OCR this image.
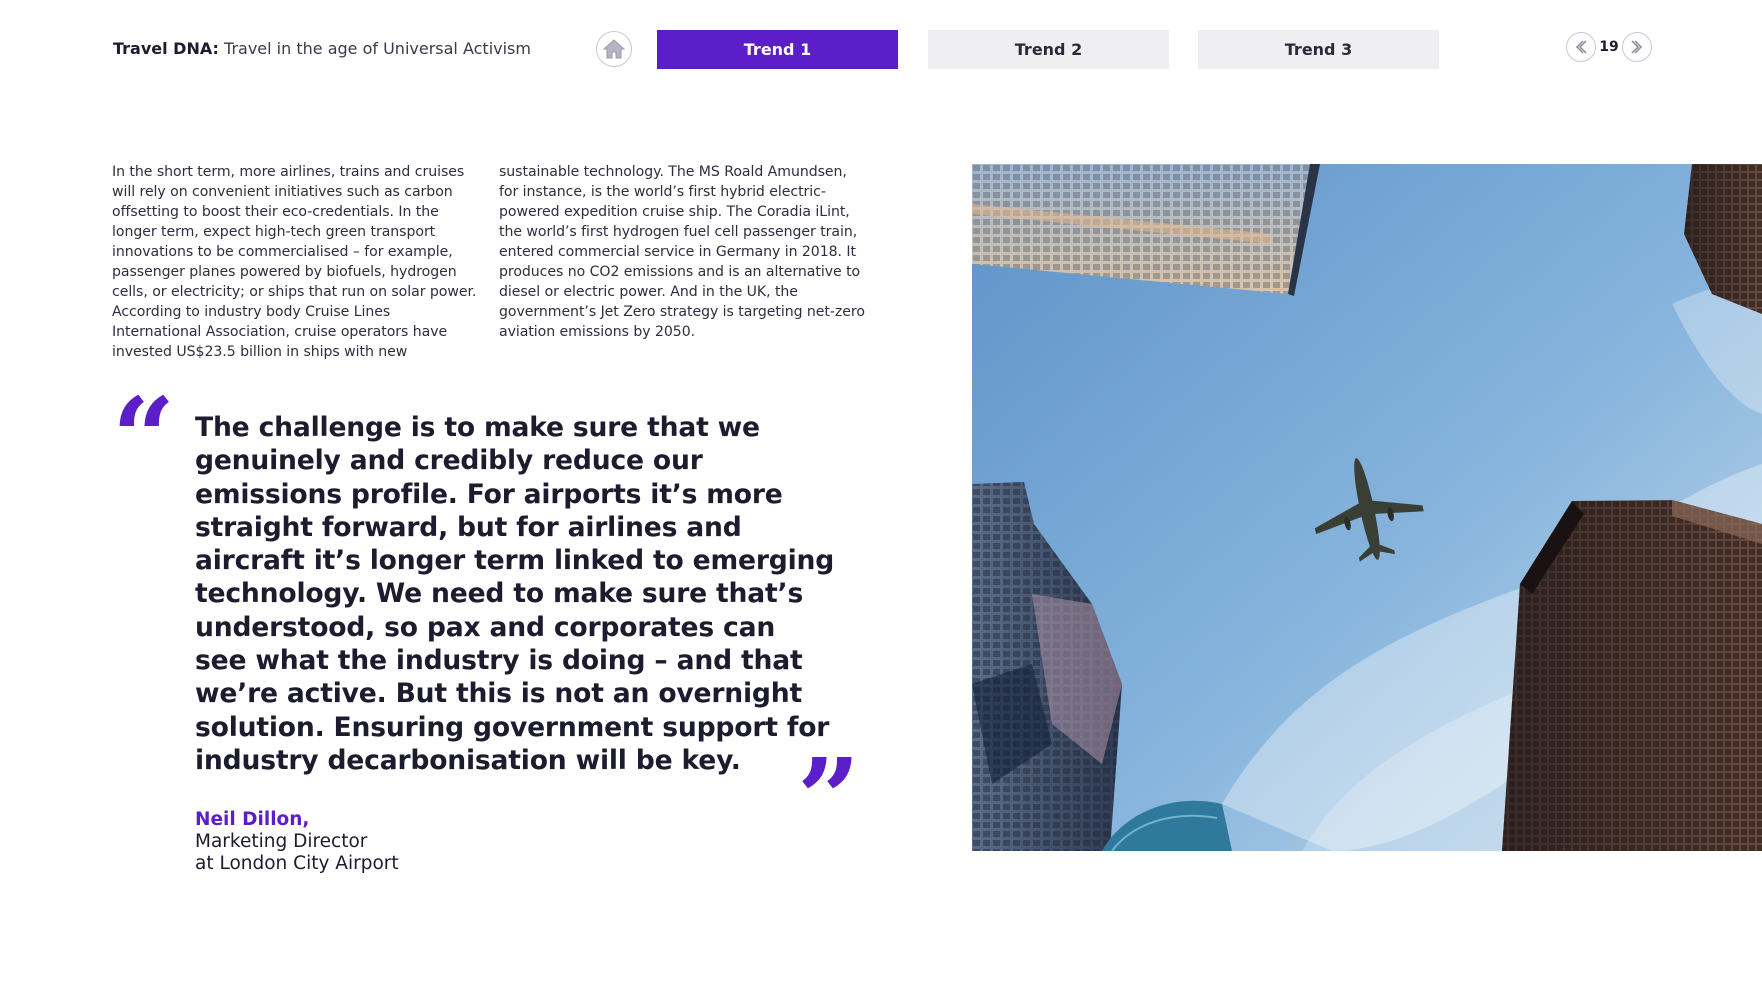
Travel DNA: Travel in the age of Universal Activism	Trend 1	Trend 2	Trend 3	19

In the short term, more airlines, trains and cruises will rely on convenient initiatives such as carbon offsetting to boost their eco-credentials. In the longer term, expect high-tech green transport innovations to be commercialised – for example, passenger planes powered by biofuels, hydrogen cells, or electricity; or ships that run on solar power. According to industry body Cruise Lines International Association, cruise operators have invested US$23.5 billion in ships with new

sustainable technology. The MS Roald Amundsen, for instance, is the world’s first hybrid electric-powered expedition cruise ship. The Coradia iLint, the world’s first hydrogen fuel cell passenger train, entered commercial service in Germany in 2018. It produces no CO2 emissions and is an alternative to diesel or electric power. And in the UK, the government’s Jet Zero strategy is targeting net-zero aviation emissions by 2050.

“ The challenge is to make sure that we genuinely and credibly reduce our emissions profile. For airports it’s more straight forward, but for airlines and aircraft it’s longer term linked to emerging technology. We need to make sure that’s understood, so pax and corporates can see what the industry is doing – and that we’re active. But this is not an overnight solution. Ensuring government support for industry decarbonisation will be key. ”
Neil Dillon,
Marketing Director
at London City Airport
